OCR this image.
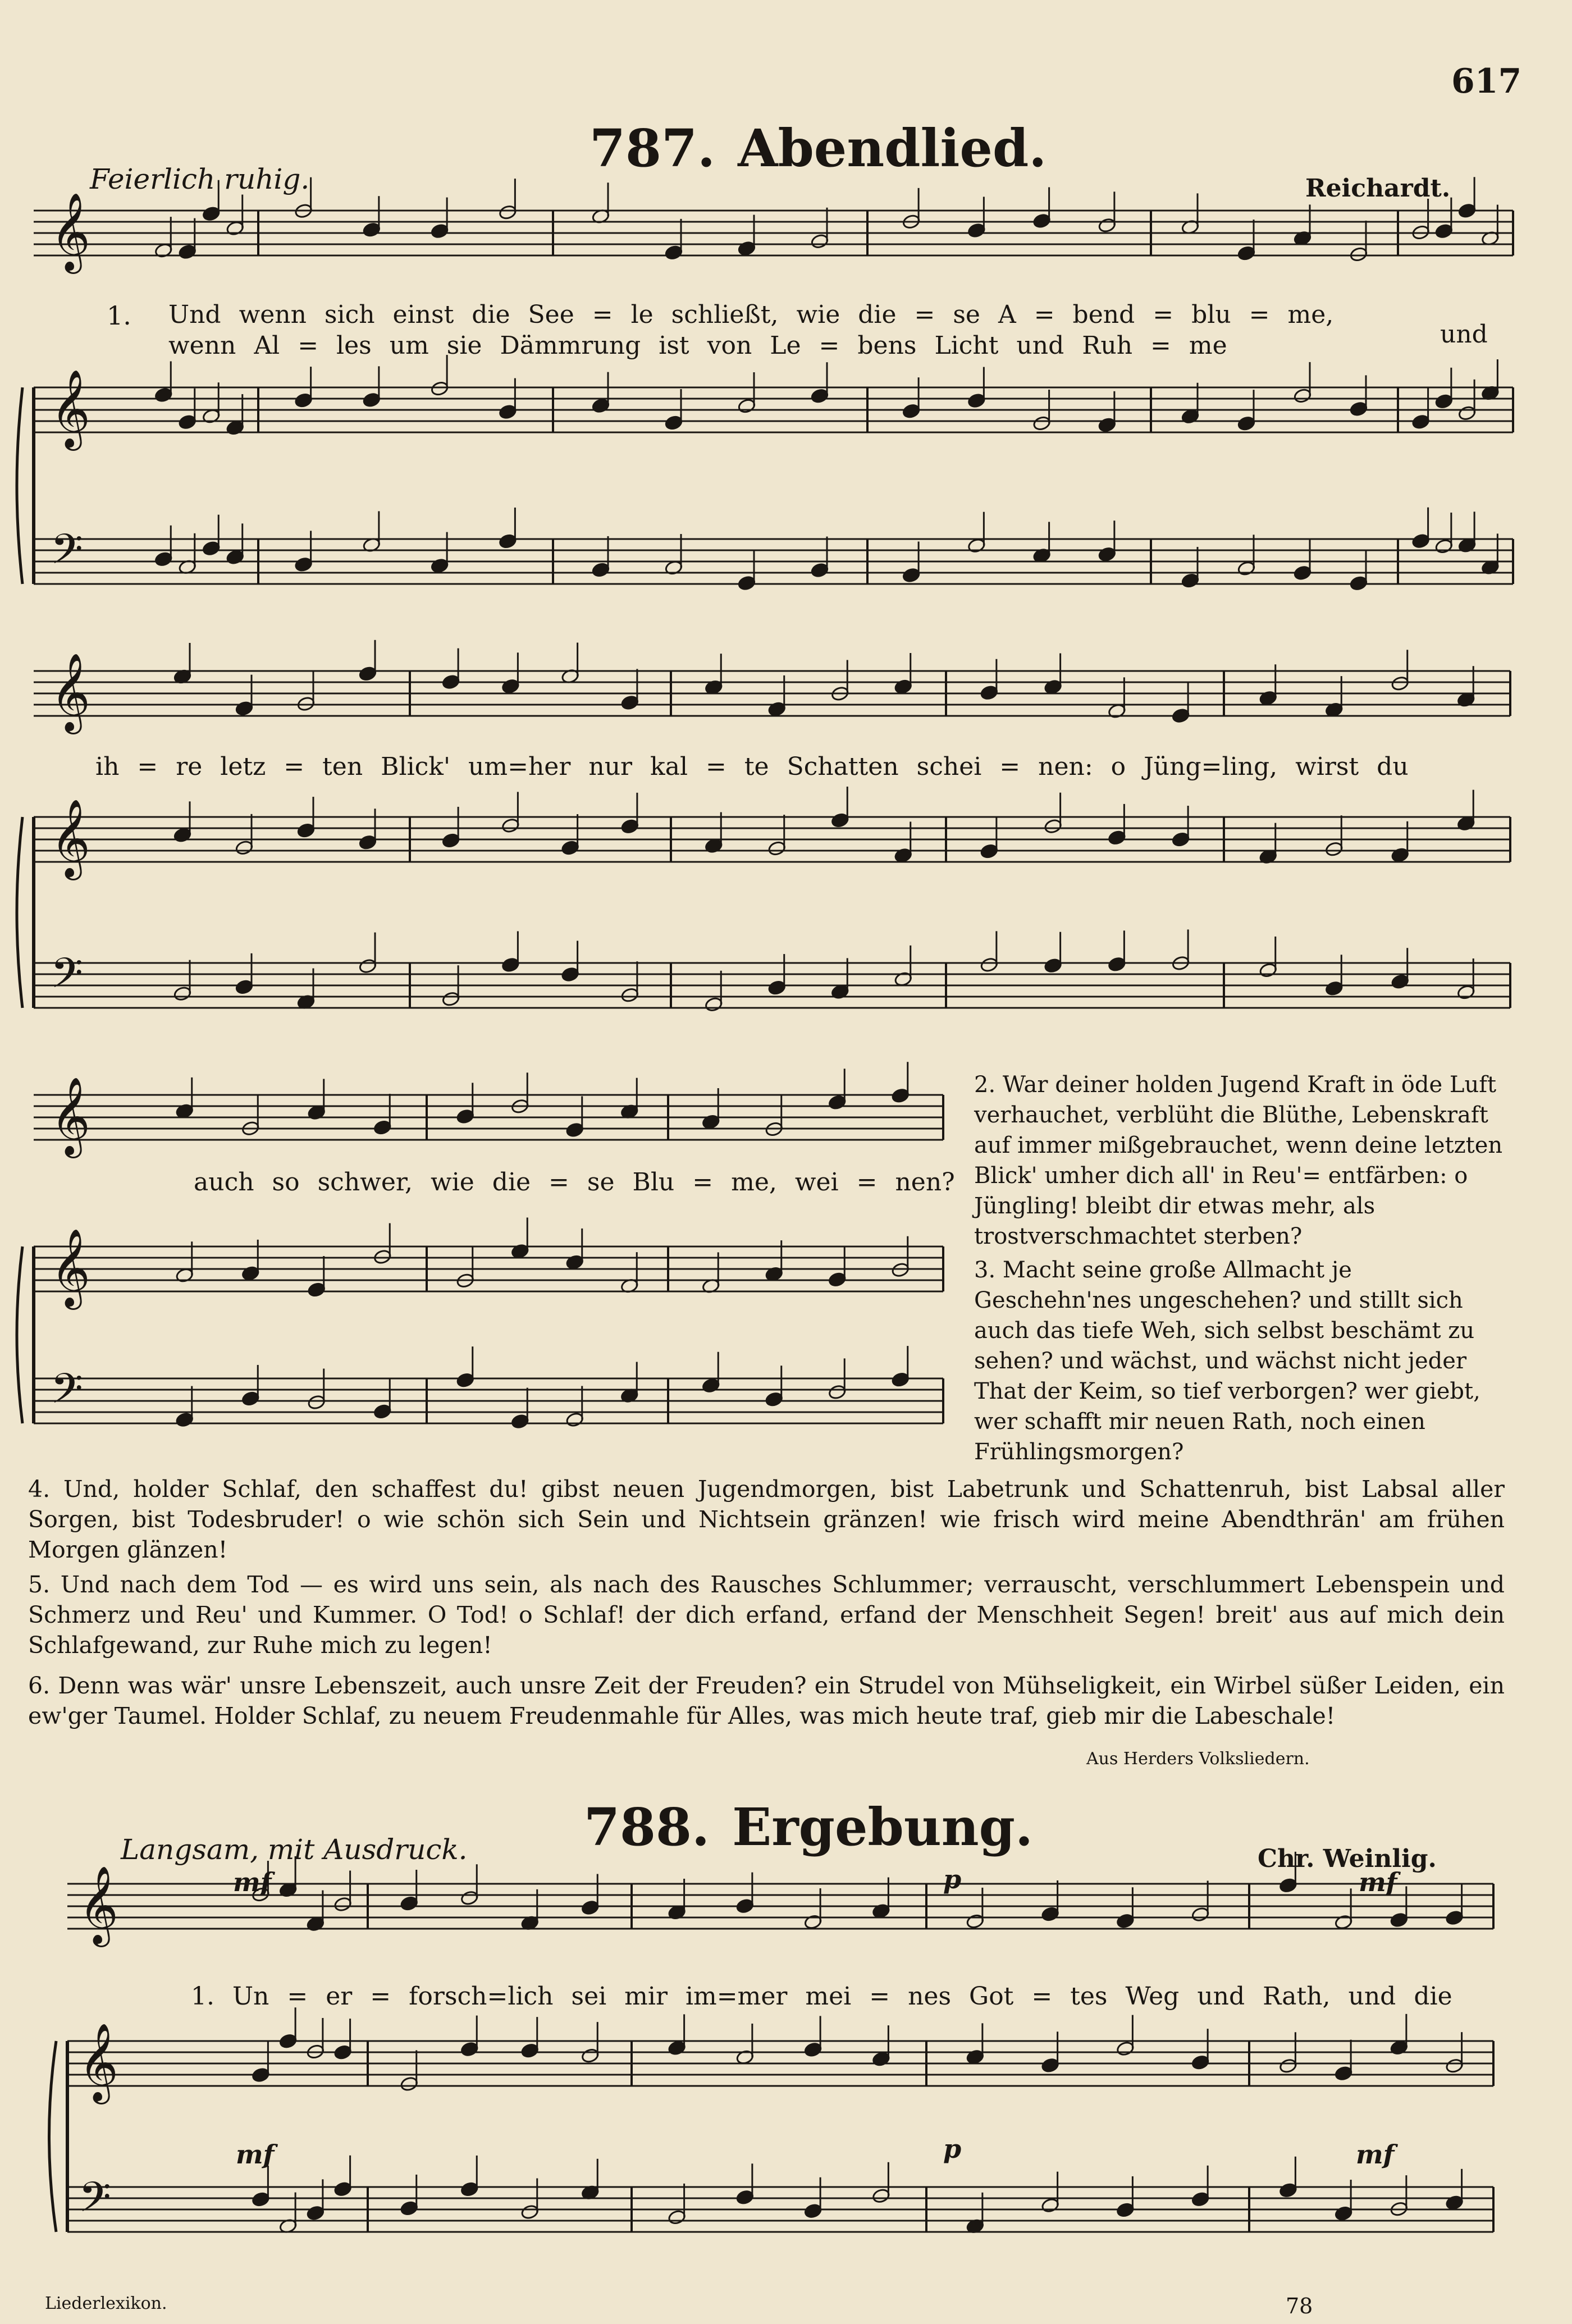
617
787. Abendlied.
Feierlich ruhig.	Reichardt.
1. Und wenn sich einst die See = le schließt, wie die = se A = bend = blu = me,
wenn Al = les um sie Dämmrung ist von Le = bens Licht und Ruh = me	und
ih = re letz = ten Blick' um=her nur kal = te Schatten schei = nen: o Jüng=ling, wirst du
auch so schwer, wie die = se Blu = me, wei = nen?
2. War deiner holden Jugend Kraft in öde Luft verhauchet, verblüht die Blüthe, Lebenskraft auf immer mißgebrauchet, wenn deine letzten Blick' umher dich all' in Reu'= entfärben: o Jüngling! bleibt dir etwas mehr, als trostverschmachtet sterben?
3. Macht seine große Allmacht je Geschehn'nes ungeschehen? und stillt sich auch das tiefe Weh, sich selbst beschämt zu sehen? und wächst, und wächst nicht jeder That der Keim, so tief verborgen? wer giebt, wer schafft mir neuen Rath, noch einen Frühlingsmorgen?
4. Und, holder Schlaf, den schaffest du! gibst neuen Jugendmorgen, bist Labetrunk und Schattenruh, bist Labsal aller Sorgen, bist Todesbruder! o wie schön sich Sein und Nichtsein gränzen! wie frisch wird meine Abendthrän' am frühen Morgen glänzen!
5. Und nach dem Tod — es wird uns sein, als nach des Rausches Schlummer; verrauscht, verschlummert Lebenspein und Schmerz und Reu' und Kummer. O Tod! o Schlaf! der dich erfand, erfand der Menschheit Segen! breit' aus auf mich dein Schlafgewand, zur Ruhe mich zu legen!
6. Denn was wär' unsre Lebenszeit, auch unsre Zeit der Freuden? ein Strudel von Mühseligkeit, ein Wirbel süßer Leiden, ein ew'ger Taumel. Holder Schlaf, zu neuem Freudenmahle für Alles, was mich heute traf, gieb mir die Labeschale!
Aus Herders Volksliedern.
788. Ergebung.
Langsam, mit Ausdruck.	Chr. Weinlig.
mf	p	mf
mf	p	mf
1. Un = er = forsch=lich sei mir im=mer mei = nes Got = tes Weg und Rath, und die
Liederlexikon.	78
𝄞
𝄞
𝄢
𝄞
𝄞
𝄢
𝄞
𝄞
𝄢
𝄞
𝄞
𝄢
